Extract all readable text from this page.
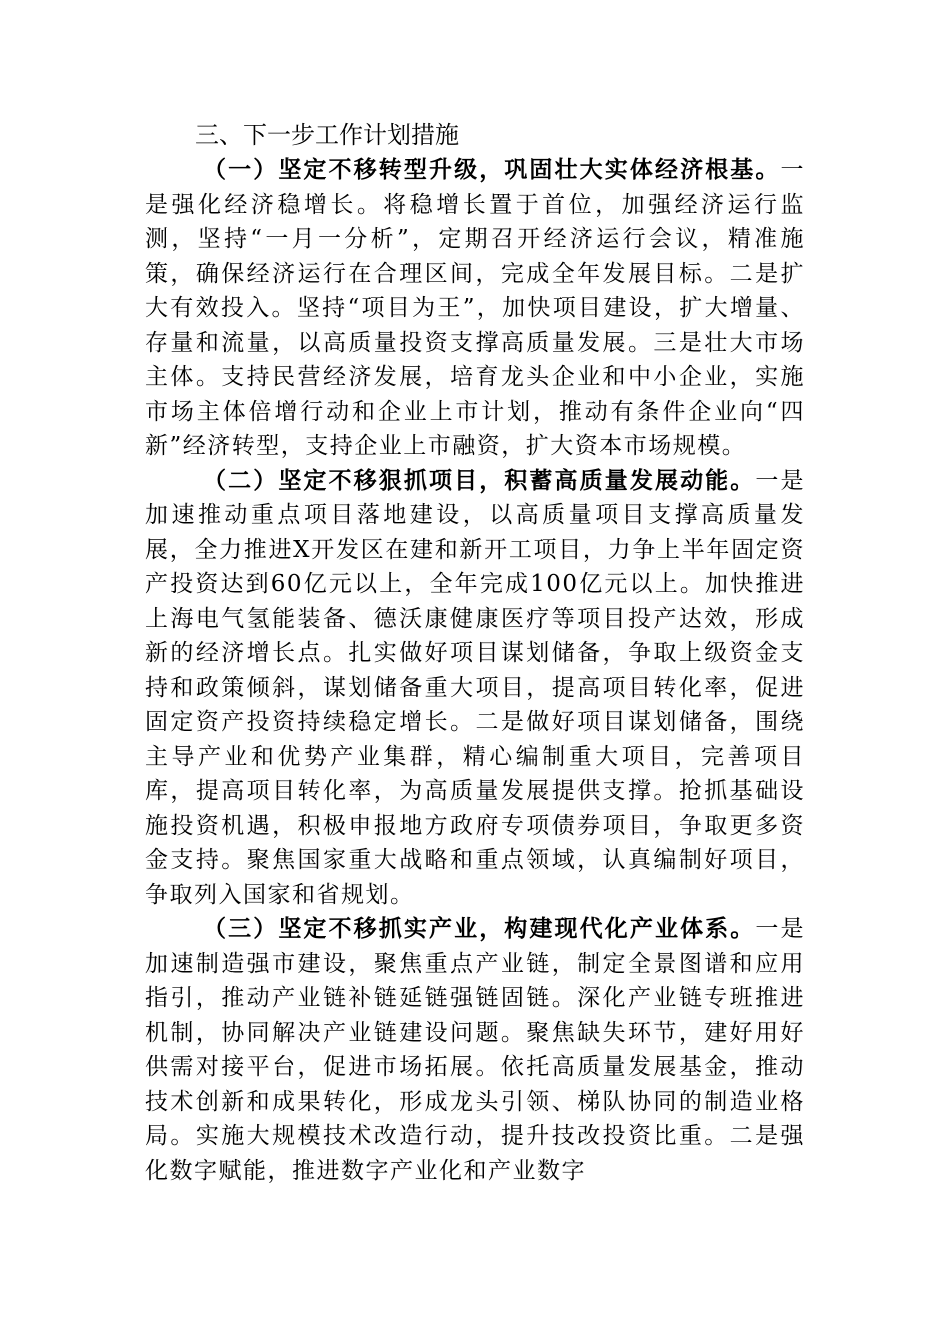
三、下一步工作计划措施

（一）坚定不移转型升级，巩固壮大实体经济根基。一是强化经济稳增长。将稳增长置于首位，加强经济运行监测，坚持“一月一分析”，定期召开经济运行会议，精准施策，确保经济运行在合理区间，完成全年发展目标。二是扩大有效投入。坚持“项目为王”，加快项目建设，扩大增量、存量和流量，以高质量投资支撑高质量发展。三是壮大市场主体。支持民营经济发展，培育龙头企业和中小企业，实施市场主体倍增行动和企业上市计划，推动有条件企业向“四新”经济转型，支持企业上市融资，扩大资本市场规模。

（二）坚定不移狠抓项目，积蓄高质量发展动能。一是加速推动重点项目落地建设，以高质量项目支撑高质量发展，全力推进X开发区在建和新开工项目，力争上半年固定资产投资达到60亿元以上，全年完成100亿元以上。加快推进上海电气氢能装备、德沃康健康医疗等项目投产达效，形成新的经济增长点。扎实做好项目谋划储备，争取上级资金支持和政策倾斜，谋划储备重大项目，提高项目转化率，促进固定资产投资持续稳定增长。二是做好项目谋划储备，围绕主导产业和优势产业集群，精心编制重大项目，完善项目库，提高项目转化率，为高质量发展提供支撑。抢抓基础设施投资机遇，积极申报地方政府专项债券项目，争取更多资金支持。聚焦国家重大战略和重点领域，认真编制好项目，争取列入国家和省规划。

（三）坚定不移抓实产业，构建现代化产业体系。一是加速制造强市建设，聚焦重点产业链，制定全景图谱和应用指引，推动产业链补链延链强链固链。深化产业链专班推进机制，协同解决产业链建设问题。聚焦缺失环节，建好用好供需对接平台，促进市场拓展。依托高质量发展基金，推动技术创新和成果转化，形成龙头引领、梯队协同的制造业格局。实施大规模技术改造行动，提升技改投资比重。二是强化数字赋能，推进数字产业化和产业数字
